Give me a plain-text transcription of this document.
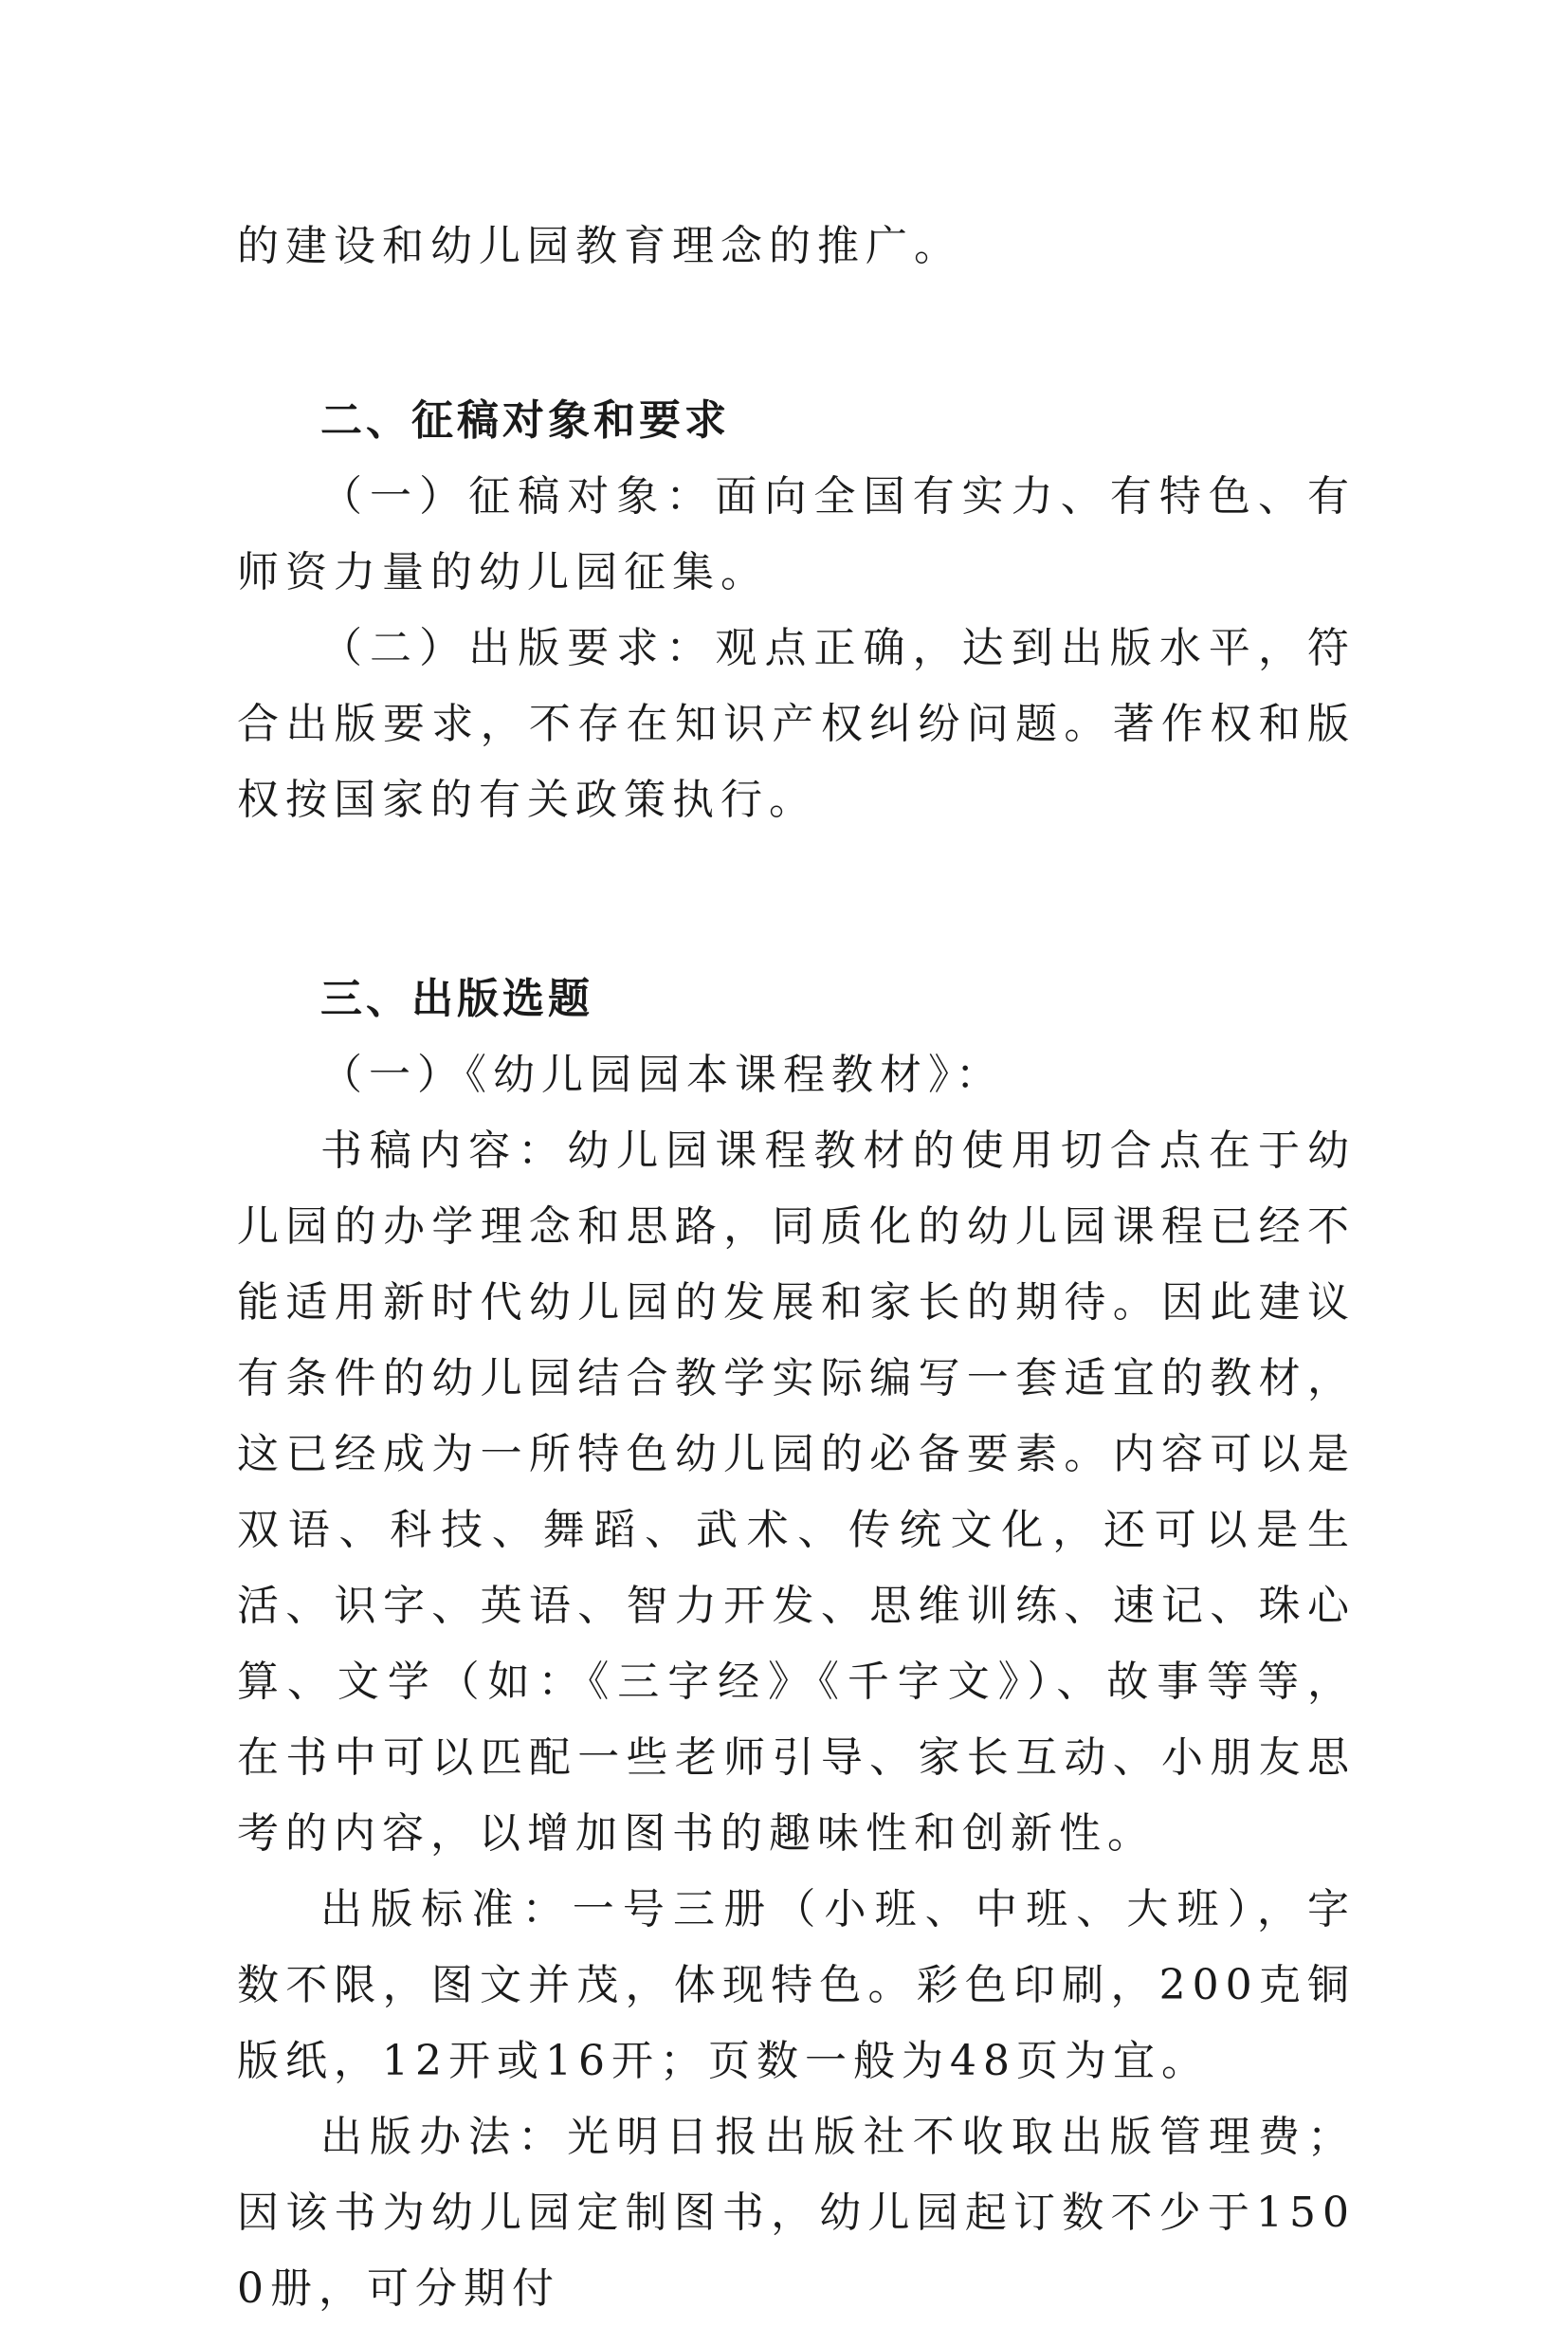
的建设和幼儿园教育理念的推广。

二、征稿对象和要求

（一）征稿对象：面向全国有实力、有特色、有师资力量的幼儿园征集。

（二）出版要求：观点正确，达到出版水平，符合出版要求，不存在知识产权纠纷问题。著作权和版权按国家的有关政策执行。

三、出版选题

（一）《幼儿园园本课程教材》：

书稿内容：幼儿园课程教材的使用切合点在于幼儿园的办学理念和思路，同质化的幼儿园课程已经不能适用新时代幼儿园的发展和家长的期待。因此建议有条件的幼儿园结合教学实际编写一套适宜的教材，这已经成为一所特色幼儿园的必备要素。内容可以是双语、科技、舞蹈、武术、传统文化，还可以是生活、识字、英语、智力开发、思维训练、速记、珠心算、文学（如：《三字经》《千字文》）、故事等等，在书中可以匹配一些老师引导、家长互动、小朋友思考的内容，以增加图书的趣味性和创新性。

出版标准：一号三册（小班、中班、大班），字数不限，图文并茂，体现特色。彩色印刷，200克铜版纸，12开或16开；页数一般为48页为宜。

出版办法：光明日报出版社不收取出版管理费；因该书为幼儿园定制图书，幼儿园起订数不少于1500册，可分期付
